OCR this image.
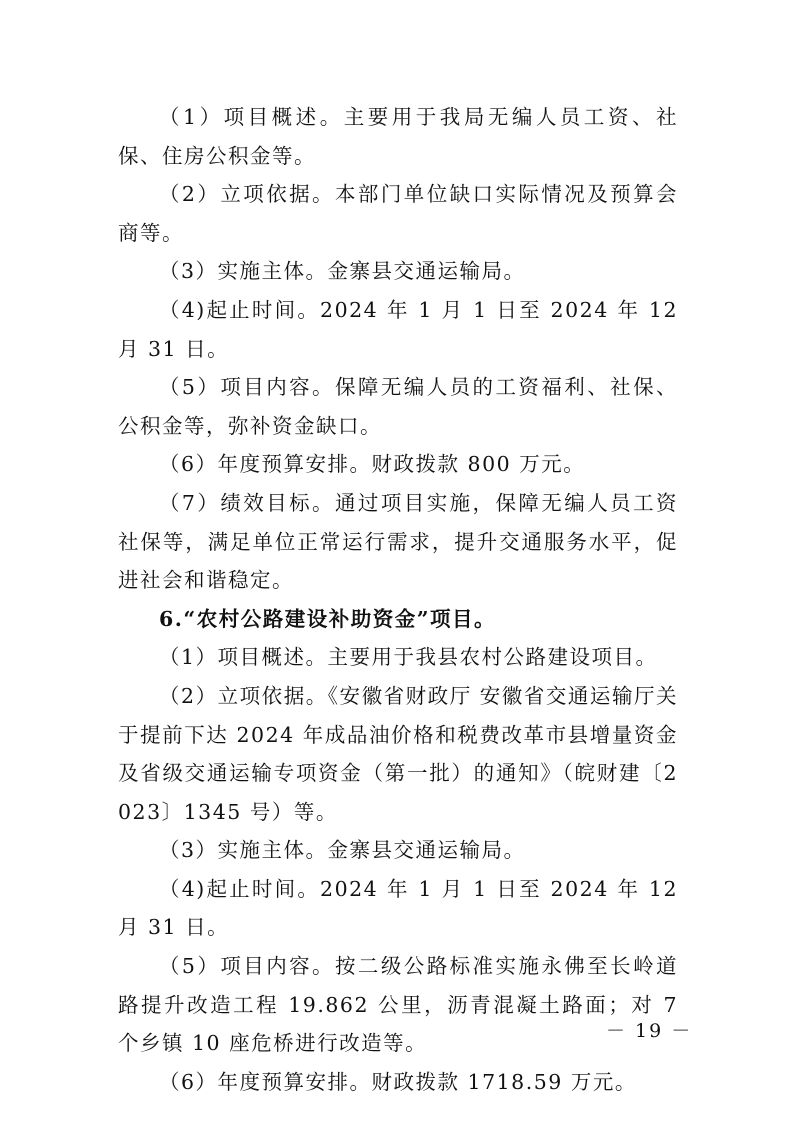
（1）项目概述。主要用于我局无编人员工资、社保、住房公积金等。

（2）立项依据。本部门单位缺口实际情况及预算会商等。

（3）实施主体。金寨县交通运输局。

（4)起止时间。2024 年 1 月 1 日至 2024 年 12 月 31 日。

（5）项目内容。保障无编人员的工资福利、社保、公积金等，弥补资金缺口。

（6）年度预算安排。财政拨款 800 万元。

（7）绩效目标。通过项目实施，保障无编人员工资社保等，满足单位正常运行需求，提升交通服务水平，促进社会和谐稳定。

6.“农村公路建设补助资金”项目。

（1）项目概述。主要用于我县农村公路建设项目。

（2）立项依据。《安徽省财政厅 安徽省交通运输厅关于提前下达 2024 年成品油价格和税费改革市县增量资金及省级交通运输专项资金（第一批）的通知》（皖财建〔2023〕1345 号）等。

（3）实施主体。金寨县交通运输局。

（4)起止时间。2024 年 1 月 1 日至 2024 年 12 月 31 日。

（5）项目内容。按二级公路标准实施永佛至长岭道路提升改造工程 19.862 公里，沥青混凝土路面；对 7 个乡镇 10 座危桥进行改造等。

（6）年度预算安排。财政拨款 1718.59 万元。

－ 19 －
